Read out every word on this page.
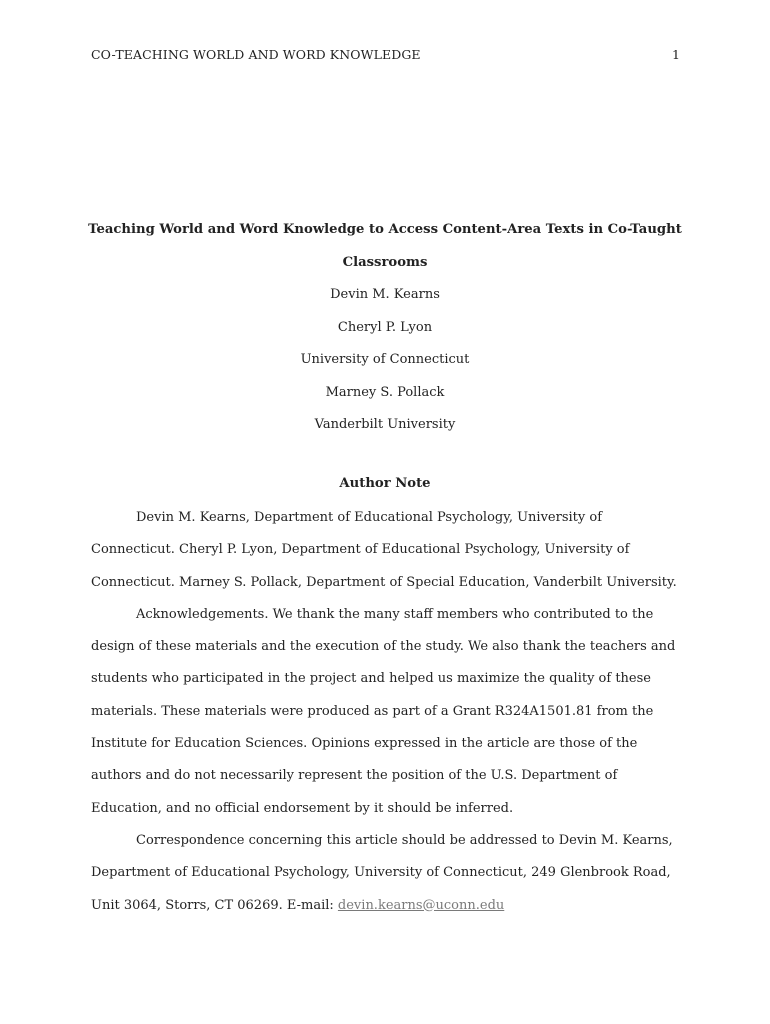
CO-TEACHING WORLD AND WORD KNOWLEDGE	1

Teaching World and Word Knowledge to Access Content-Area Texts in Co-Taught

Classrooms

Devin M. Kearns

Cheryl P. Lyon

University of Connecticut

Marney S. Pollack

Vanderbilt University

Author Note

Devin M. Kearns, Department of Educational Psychology, University of Connecticut. Cheryl P. Lyon, Department of Educational Psychology, University of Connecticut. Marney S. Pollack, Department of Special Education, Vanderbilt University.

Acknowledgements. We thank the many staff members who contributed to the design of these materials and the execution of the study. We also thank the teachers and students who participated in the project and helped us maximize the quality of these materials. These materials were produced as part of a Grant R324A1501.81 from the Institute for Education Sciences. Opinions expressed in the article are those of the authors and do not necessarily represent the position of the U.S. Department of Education, and no official endorsement by it should be inferred.

Correspondence concerning this article should be addressed to Devin M. Kearns, Department of Educational Psychology, University of Connecticut, 249 Glenbrook Road, Unit 3064, Storrs, CT 06269. E-mail: devin.kearns@uconn.edu
